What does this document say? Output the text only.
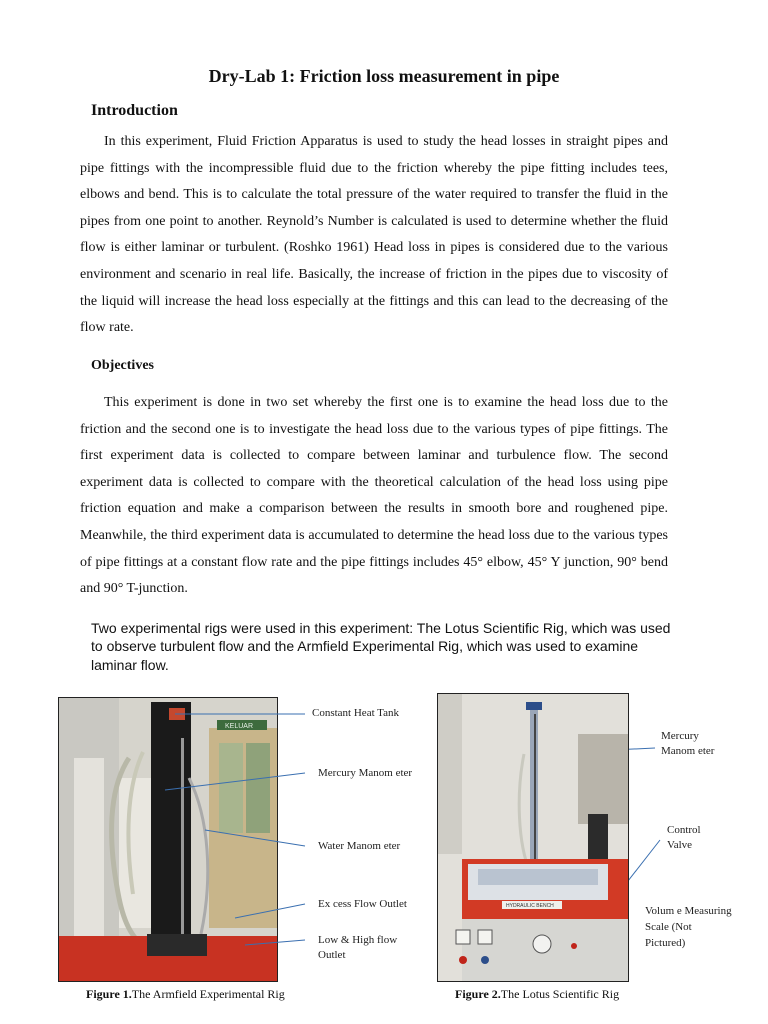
Dry-Lab 1: Friction loss measurement in pipe
Introduction

In this experiment, Fluid Friction Apparatus is used to study the head losses in straight pipes and pipe fittings with the incompressible fluid due to the friction whereby the pipe fitting includes tees, elbows and bend. This is to calculate the total pressure of the water required to transfer the fluid in the pipes from one point to another. Reynold’s Number is calculated is used to determine whether the fluid flow is either laminar or turbulent. (Roshko 1961) Head loss in pipes is considered due to the various environment and scenario in real life. Basically, the increase of friction in the pipes due to viscosity of the liquid will increase the head loss especially at the fittings and this can lead to the decreasing of the flow rate.

Objectives

This experiment is done in two set whereby the first one is to examine the head loss due to the friction and the second one is to investigate the head loss due to the various types of pipe fittings. The first experiment data is collected to compare between laminar and turbulence flow. The second experiment data is collected to compare with the theoretical calculation of the head loss using pipe friction equation and make a comparison between the results in smooth bore and roughened pipe. Meanwhile, the third experiment data is accumulated to determine the head loss due to the various types of pipe fittings at a constant flow rate and the pipe fittings includes 45° elbow, 45° Y junction, 90° bend and 90° T-junction.

Two experimental rigs were used in this experiment: The Lotus Scientific Rig, which was used to observe turbulent flow and the Armfield Experimental Rig, which was used to examine laminar flow.

KELUAR
Constant Heat Tank
Mercury Manom eter
Water Manom eter
Ex cess Flow Outlet
Low & High flow
Outlet
HYDRAULIC BENCH
Mercury
Manom eter
Control
Valve
Volum e Measuring
Scale (Not
Pictured)
Figure 1.The Armfield Experimental Rig	Figure 2.The Lotus Scientific Rig
